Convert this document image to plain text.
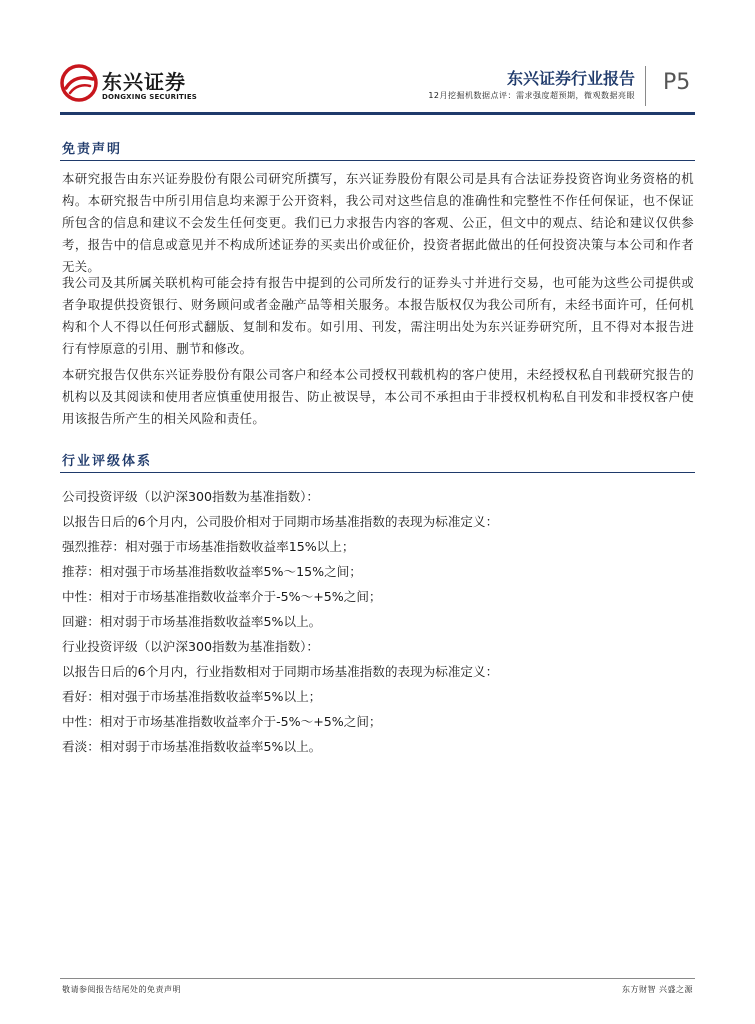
东兴证券
DONGXING SECURITIES
东兴证券行业报告
12月挖掘机数据点评：需求强度超预期，微观数据亮眼
P5
免责声明

本研究报告由东兴证券股份有限公司研究所撰写，东兴证券股份有限公司是具有合法证券投资咨询业务资格的机构。本研究报告中所引用信息均来源于公开资料，我公司对这些信息的准确性和完整性不作任何保证，也不保证所包含的信息和建议不会发生任何变更。我们已力求报告内容的客观、公正，但文中的观点、结论和建议仅供参考，报告中的信息或意见并不构成所述证券的买卖出价或征价，投资者据此做出的任何投资决策与本公司和作者无关。

我公司及其所属关联机构可能会持有报告中提到的公司所发行的证券头寸并进行交易，也可能为这些公司提供或者争取提供投资银行、财务顾问或者金融产品等相关服务。本报告版权仅为我公司所有，未经书面许可，任何机构和个人不得以任何形式翻版、复制和发布。如引用、刊发，需注明出处为东兴证券研究所，且不得对本报告进行有悖原意的引用、删节和修改。

本研究报告仅供东兴证券股份有限公司客户和经本公司授权刊载机构的客户使用，未经授权私自刊载研究报告的机构以及其阅读和使用者应慎重使用报告、防止被误导，本公司不承担由于非授权机构私自刊发和非授权客户使用该报告所产生的相关风险和责任。

行业评级体系
公司投资评级（以沪深300指数为基准指数）：
以报告日后的6个月内，公司股价相对于同期市场基准指数的表现为标准定义：
强烈推荐：相对强于市场基准指数收益率15%以上；
推荐：相对强于市场基准指数收益率5%～15%之间；
中性：相对于市场基准指数收益率介于-5%～+5%之间；
回避：相对弱于市场基准指数收益率5%以上。
行业投资评级（以沪深300指数为基准指数）：
以报告日后的6个月内，行业指数相对于同期市场基准指数的表现为标准定义：
看好：相对强于市场基准指数收益率5%以上；
中性：相对于市场基准指数收益率介于-5%～+5%之间；
看淡：相对弱于市场基准指数收益率5%以上。
敬请参阅报告结尾处的免责声明	东方财智 兴盛之源
